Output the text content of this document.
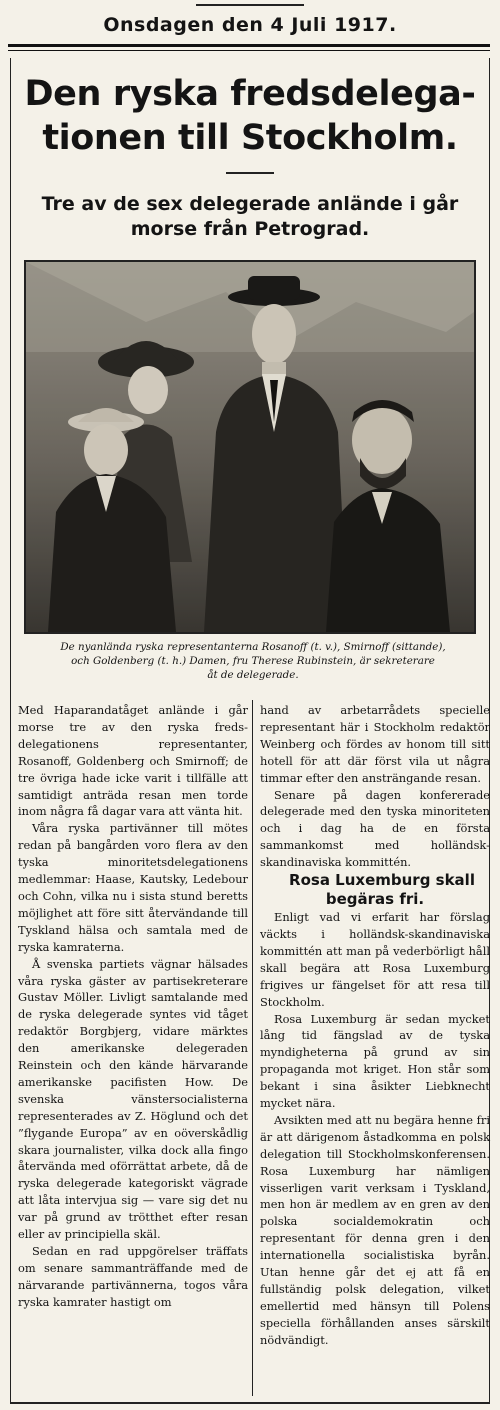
Onsdagen den 4 Juli 1917.
Den ryska fredsdelega-
tionen till Stockholm.
Tre av de sex delegerade anlände i går
morse från Petrograd.
De nyanlända ryska representanterna Rosanoff (t. v.), Smirnoff (sittande),
och Goldenberg (t. h.) Damen, fru Therese Rubinstein, är sekreterare
åt de delegerade.

Med Haparandatåget anlände i går morse tre av den ryska freds-delegationens representanter, Rosanoff, Goldenberg och Smirnoff; de tre övriga hade icke varit i tillfälle att samtidigt anträda resan men torde inom några få dagar vara att vänta hit.

Våra ryska partivänner till mötes redan på bangården voro flera av den tyska minoritetsdelegationens medlemmar: Haase, Kautsky, Ledebour och Cohn, vilka nu i sista stund beretts möjlighet att före sitt återvändande till Tyskland hälsa och samtala med de ryska kamraterna.

Å svenska partiets vägnar hälsades våra ryska gäster av partisekreterare Gustav Möller. Livligt samtalande med de ryska delegerade syntes vid tåget redaktör Borgbjerg, vidare märktes den amerikanske delegeraden Reinstein och den kände härvarande amerikanske pacifisten How. De svenska vänstersocialisterna representerades av Z. Höglund och det ”flygande Europa” av en oöverskådlig skara journalister, vilka dock alla fingo återvända med oförrättat arbete, då de ryska delegerade kategoriskt vägrade att låta intervjua sig — vare sig det nu var på grund av trötthet efter resan eller av principiella skäl.

Sedan en rad uppgörelser träffats om senare sammanträffande med de närvarande partivännerna, togos våra ryska kamrater hastigt om

hand av arbetarrådets specielle representant här i Stockholm redaktör Weinberg och fördes av honom till sitt hotell för att där först vila ut några timmar efter den ansträngande resan.

Senare på dagen konfererade delegerade med den tyska minoriteten och i dag ha de en första sammankomst med holländsk-skandinaviska kommittén.

Rosa Luxemburg skall begäras fri.

Enligt vad vi erfarit har förslag väckts i holländsk-skandinaviska kommittén att man på vederbörligt håll skall begära att Rosa Luxemburg frigives ur fängelset för att resa till Stockholm.

Rosa Luxemburg är sedan mycket lång tid fängslad av de tyska myndigheterna på grund av sin propaganda mot kriget. Hon står som bekant i sina åsikter Liebknecht mycket nära.

Avsikten med att nu begära henne fri är att därigenom åstadkomma en polsk delegation till Stockholmskonferensen. Rosa Luxemburg har nämligen visserligen varit verksam i Tyskland, men hon är medlem av en gren av den polska socialdemokratin och representant för denna gren i den internationella socialistiska byrån. Utan henne går det ej att få en fullständig polsk delegation, vilket emellertid med hänsyn till Polens speciella förhållanden anses särskilt nödvändigt.
